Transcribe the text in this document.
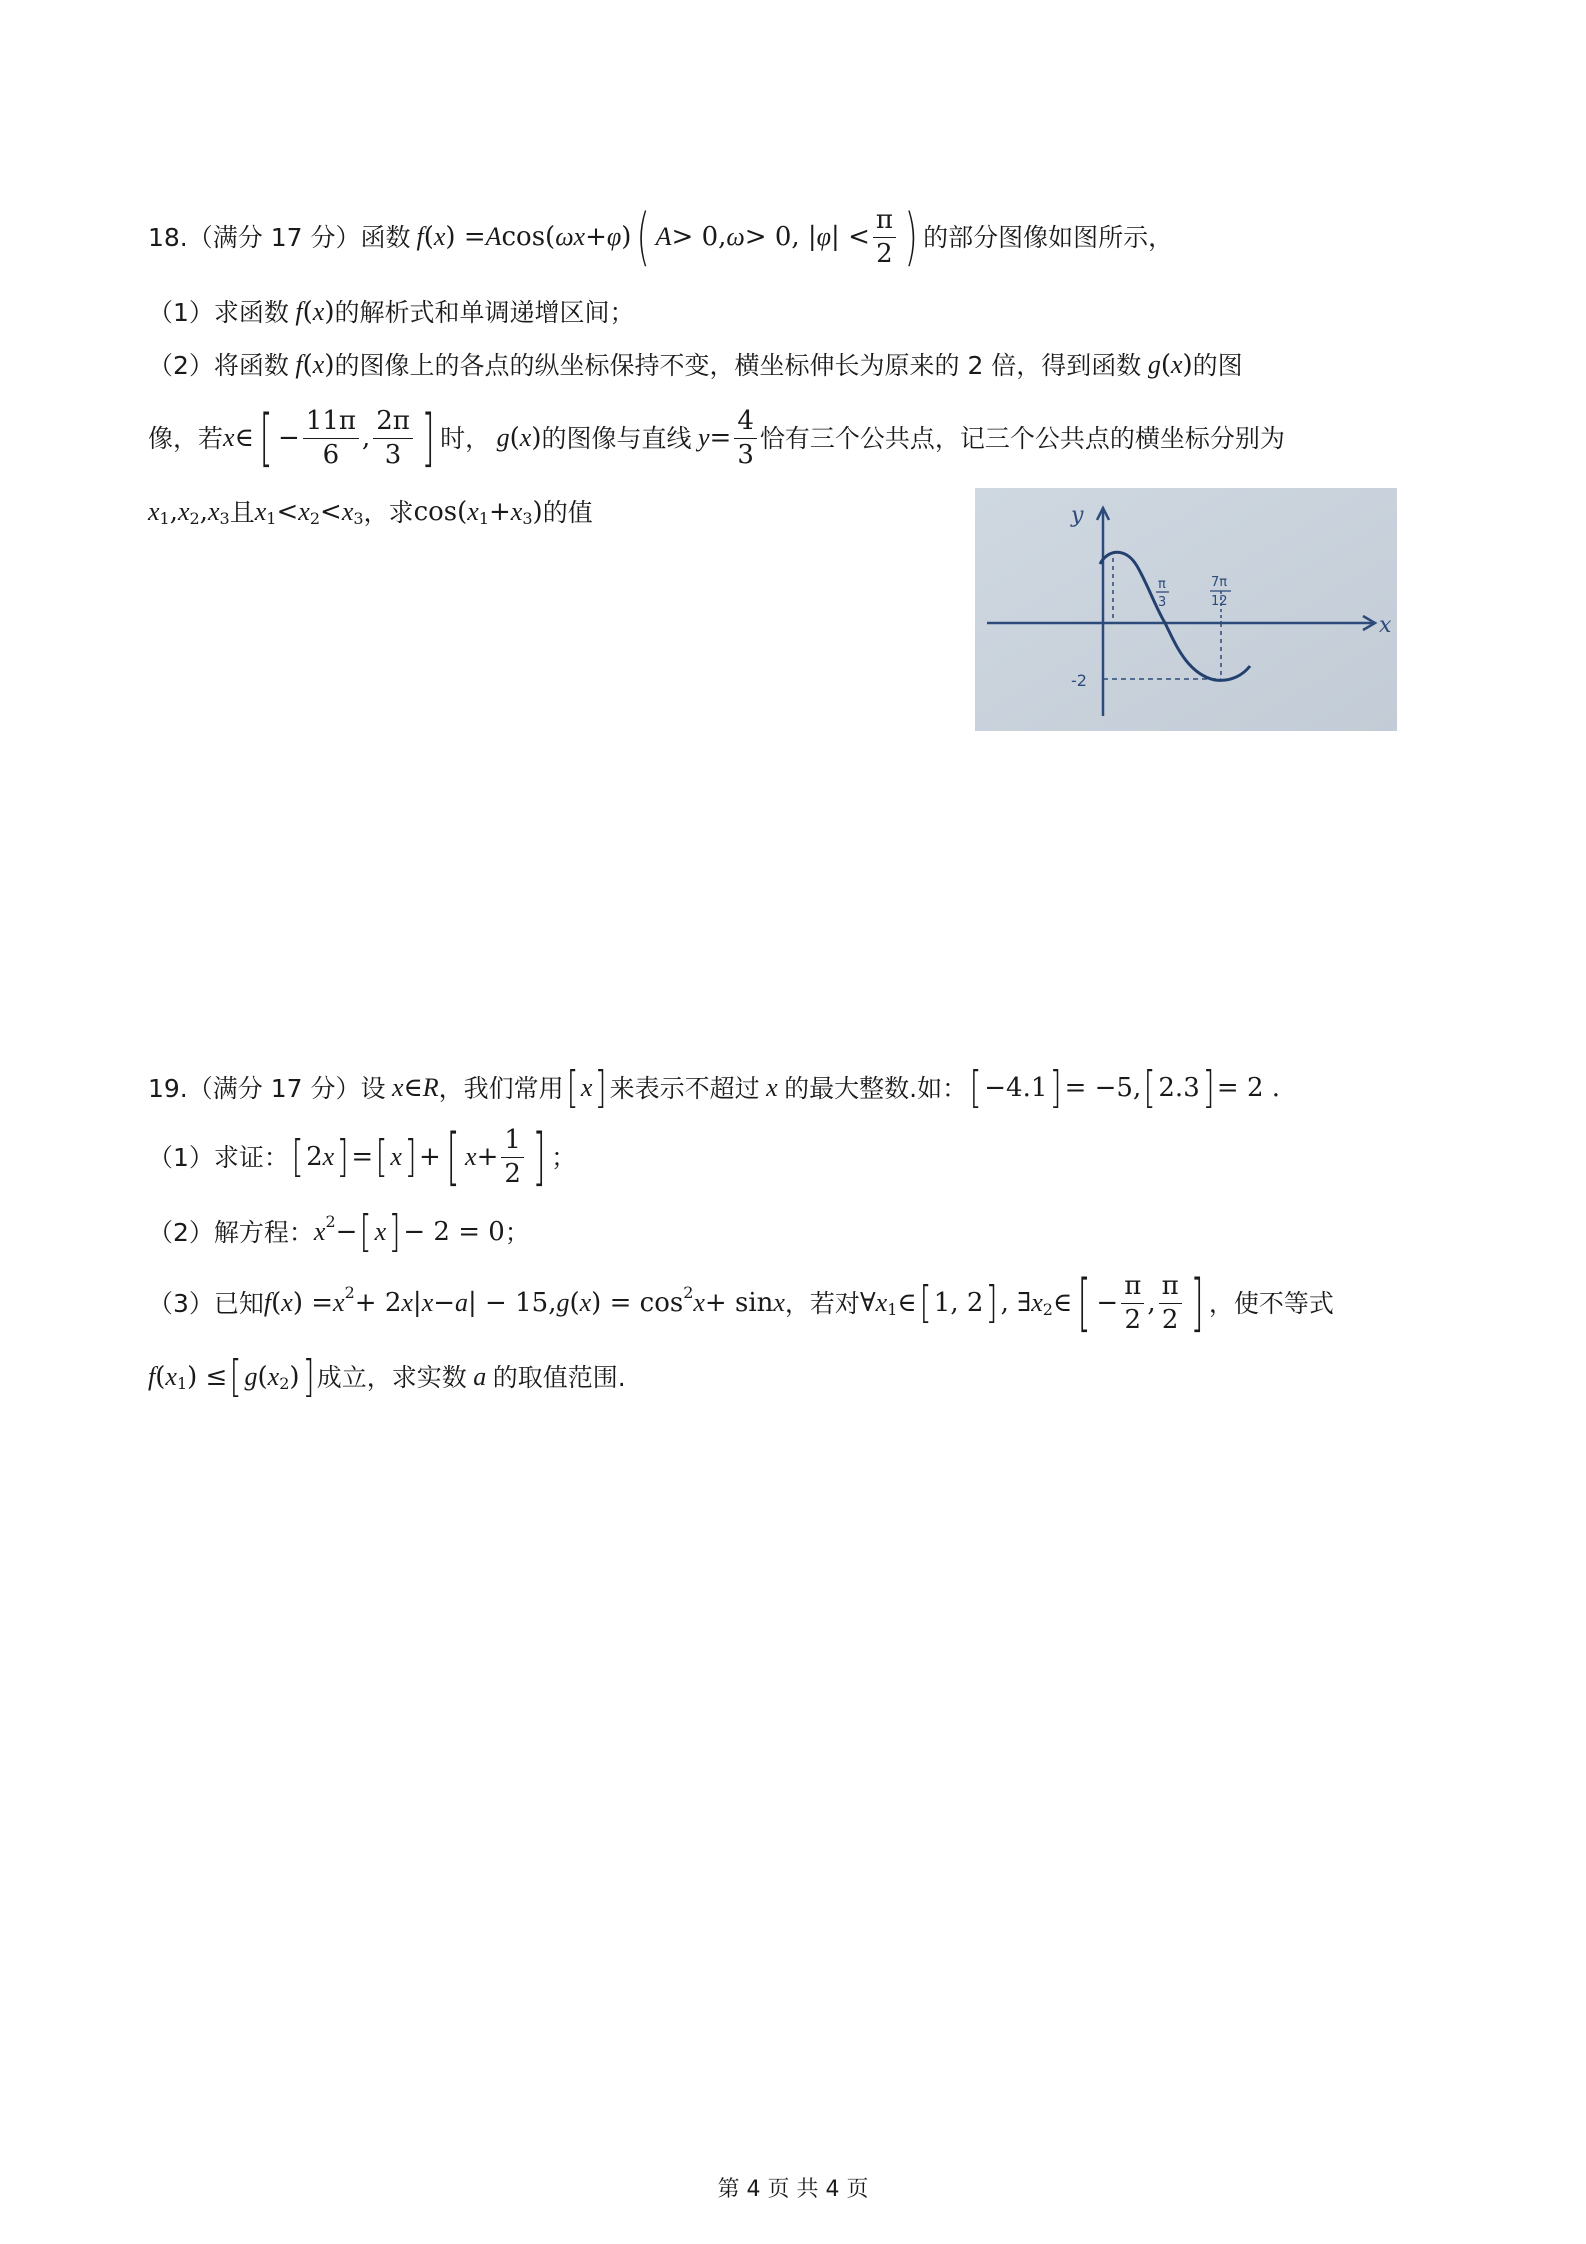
18.（满分 17 分）函数 f ( x ) = A cos( ωx + φ ) ( A > 0, ω > 0, | φ | < $\frac{\pi}{2}$ ) 的部分图像如图所示，
（1）求函数 f ( x ) 的解析式和单调递增区间；
（2）将函数 f ( x ) 的图像上的各点的纵坐标保持不变，横坐标伸长为原来的 2 倍，得到函数 g ( x ) 的图
像，若 x ∈ [ − $\frac{11\pi}{6}$ , $\frac{2\pi}{3}$ ] 时， g ( x ) 的图像与直线 $y = \frac{4}{3}$ 恰有三个公共点，记三个公共点的横坐标分别为
x 1 , x 2 , x 3 且 x 1 < x 2 < x 3 ，求 cos( x 1 + x 3 ) 的值	y
x
π
3
7π
12
-2
19.（满分 17 分）设 x ∈ R ，我们常用 [ x ] 来表示不超过 x 的最大整数.如： [ −4.1 ] = −5, [ 2.3 ] = 2 .
（1）求证： [ 2 x ] = [ x ] + [ $x + \frac{1}{2}$ ] ；
（2）解方程： x 2 − [ x ] − 2 = 0 ；
（3）已知 f ( x ) = x 2 + 2 x | x − a | − 15, g ( x ) = cos 2 x + sin x ，若对 ∀ x 1 ∈ [ 1, 2 ] , ∃ x 2 ∈ [ − $\frac{\pi}{2}$ , $\frac{\pi}{2}$ ] ，使不等式
f ( x 1 ) ≤ [ g ( x 2 ) ] 成立，求实数 a 的取值范围.
第 4 页 共 4 页
